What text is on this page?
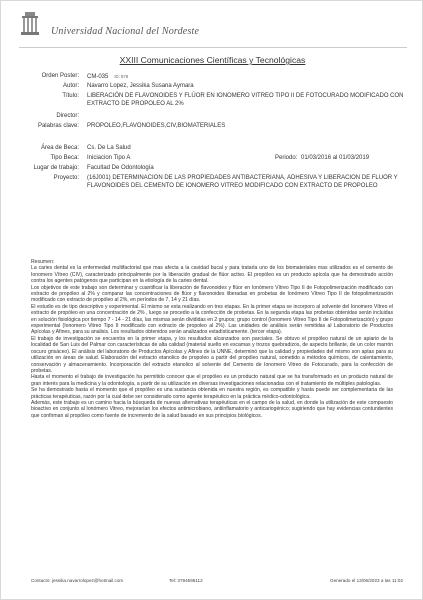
Universidad Nacional del Nordeste
XXIII Comunicaciones Científicas y Tecnológicas
Orden Poster: CM-035 ID: 878
Autor: Navarro Lopez, Jessika Susana Aymara
Título: LIBERACIÓN DE FLAVONOIDES Y FLÚOR EN IONOMERO VITREO TIPO II DE FOTOCURADO MODIFICADO CON EXTRACTO DE PROPOLEO AL 2%
Director:
Palabras clave: PROPOLEO,FLAVONOIDES,CIV,BIOMATERIALES
Área de Beca: Cs. De La Salud
Tipo Beca: Iniciacion Tipo A	Periodo: 01/03/2016 al 01/03/2019
Lugar de trabajo: Facultad De Odontología
Proyecto: (16J001) DETERMINACION DE LAS PROPIEDADES ANTIBACTERIANA, ADHESIVA Y LIBERACION DE FLUOR Y FLAVONOIDES DEL CEMENTO DE IONOMERO VITREO MODIFICADO CON EXTRACTO DE PROPOLEO

Resumen:

La caries dental es la enfermedad multifactorial que mas afecta a la cavidad bucal y para tratarla uno de los biomateriales mas utilizados es el cemento de Ionomero Vítreo (CIV), caracterizado principalmente por la liberación gradual de flúor activo. El propóleo es un producto apícola que ha demostrado acción contra los agentes patógenos que participan en la etiología de la caries dental.

Los objetivos de este trabajo son determinar y cuantificar la liberación de flavonoides y flúor en Ionómero Vítreo Tipo II de Fotopolimerización modificado con extracto de propóleo al 2% y comparar las concentraciones de flúor y flavonoides liberadas en probetas de Ionómero Vítreo Tipo II de fotopolimerización modificado con extracto de propóleo al 2%, en períodos de 7, 14 y 21 días.

El estudio es de tipo descriptivo y experimental. El mismo se esta realizando en tres etapas. En la primer etapa se incorporo al solvente del Ionomero Vítreo el extracto de propóleo en una concentración de 2% , luego se procedio a la confección de probetas. En la segunda etapa las probetas obtenidas serán incluidas en solución fisiológica por tiempo 7 - 14 - 21 días, las mismas serán divididas en 2 grupos; grupo control (Ionomero Vitreo Tipo II de Fotopolimerización) y grupo experimental (Ionomero Vitreo Tipo II modificado con extracto de propoleo al 2%). Las unidades de análisis serán remitidas al Laboratorio de Productos Apícolas y Afines, para su analisis. Los resultados obtenidos serán analizados estadísticamente. (tercer etapa).

El trabajo de investigación se encuentra en la primer etapa, y los resultados alcanzados son parciales. Se obtuvo el propóleo natural de un apiario de la localidad de San Luis del Palmar con características de alta calidad (material suelto en escamas y trozos quebradizos, de aspecto brillante, de un color marrón oscuro grisáceo). El análisis del laboratorio de Productos Apícolas y Afines de la UNNE, determinó que la calidad y propiedades del mismo son aptas para su utilización en áreas de salud. Elaboración del extracto etanolico de propoleo a partir del propóleo natural, sometido a métodos químicos, de calentamiento, conservación y almacenamiento. Incorporación del extracto etanolico al solvente del Cemento de Ionomero Vitreo de Fotocurado, para la confección de probetas.

Hasta el momento el trabajo de investigación ha permitido conocer que el propóleo es un producto natural que se ha transformado en un producto natural de gran interés para la medicina y la odontología, a partir de su utilización en diversas investigaciones relacionadas con el tratamiento de múltiples patologías.

Se ha demostrado hasta el momento que el propóleo es una sustancia obtenida en nuestra región, es compatible y hasta puede ser complementaria de las prácticas terapéuticas, razón por la cual debe ser considerado como agente terapéutico en la práctica médico-odontológica.

Además, este trabajo es un camino hacia la búsqueda de nuevas alternativas terapéuticas en el campo de la salud, en donde la utilización de este compuesto bioactivo en conjunto al Ionómero Vitreo, mejorarían los efectos antimicrobiano, antiinflamatorio y anticariogénico; sugiriendo que hay evidencias contundentes que confirman al propóleo como fuente de incremento de la salud basado en sus principios biológicos.

Contacto: jessika.navarrolopez@hotmail.com	Tel: 3794596112	Generado el 13/06/2023 a las 11:02
